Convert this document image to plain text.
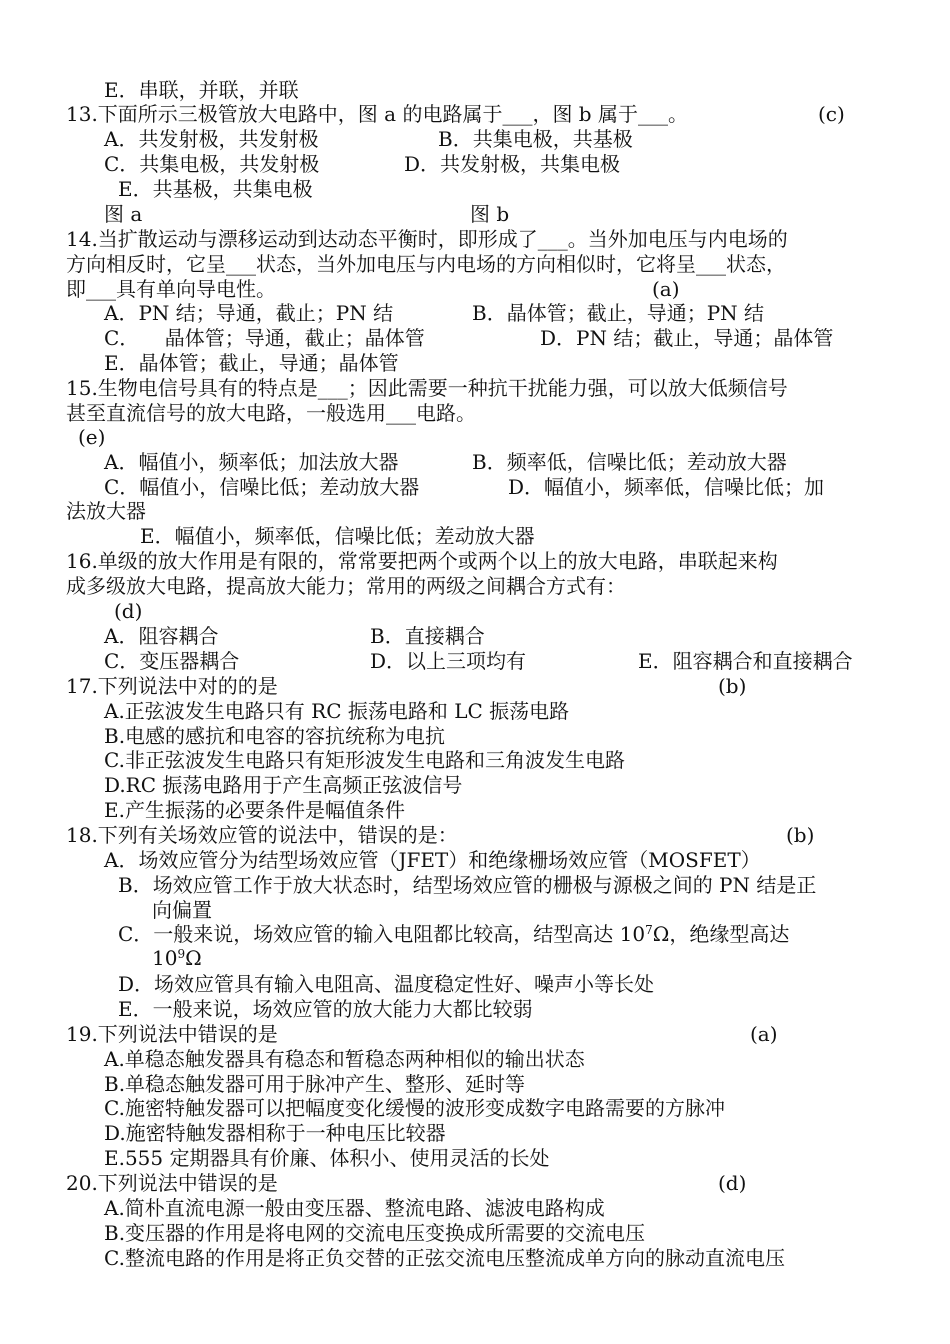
E．串联，并联，并联
13.下面所示三极管放大电路中，图 a 的电路属于___，图 b 属于___。	(c)
A．共发射极，共发射极	B．共集电极，共基极
C．共集电极，共发射极	D．共发射极，共集电极
E．共基极，共集电极
图 a	图 b
14.当扩散运动与漂移运动到达动态平衡时，即形成了___。当外加电压与内电场的
方向相反时，它呈___状态，当外加电压与内电场的方向相似时，它将呈___状态，
即___具有单向导电性。	(a)
A．PN 结；导通，截止；PN 结	B．晶体管；截止，导通；PN 结
C．    晶体管；导通，截止；晶体管	D．PN 结；截止，导通；晶体管
E．晶体管；截止，导通；晶体管
15.生物电信号具有的特点是___；因此需要一种抗干扰能力强，可以放大低频信号
甚至直流信号的放大电路，一般选用___电路。
(e)
A．幅值小，频率低；加法放大器	B．频率低，信噪比低；差动放大器
C．幅值小，信噪比低；差动放大器	D．幅值小，频率低，信噪比低；加
法放大器
E．幅值小，频率低，信噪比低；差动放大器
16.单级的放大作用是有限的，常常要把两个或两个以上的放大电路，串联起来构
成多级放大电路，提高放大能力；常用的两级之间耦合方式有：
(d)
A．阻容耦合	B．直接耦合
C．变压器耦合	D．以上三项均有	E．阻容耦合和直接耦合
17.下列说法中对的的是	(b)
A.正弦波发生电路只有 RC 振荡电路和 LC 振荡电路
B.电感的感抗和电容的容抗统称为电抗
C.非正弦波发生电路只有矩形波发生电路和三角波发生电路
D.RC 振荡电路用于产生高频正弦波信号
E.产生振荡的必要条件是幅值条件
18.下列有关场效应管的说法中，错误的是：	(b)
A．场效应管分为结型场效应管（JFET）和绝缘栅场效应管（MOSFET）
B．场效应管工作于放大状态时，结型场效应管的栅极与源极之间的 PN 结是正
向偏置
C．一般来说，场效应管的输入电阻都比较高，结型高达 $10^7\Omega$，绝缘型高达
$10^9\Omega$
D．场效应管具有输入电阻高、温度稳定性好、噪声小等长处
E．一般来说，场效应管的放大能力大都比较弱
19.下列说法中错误的是	(a)
A.单稳态触发器具有稳态和暂稳态两种相似的输出状态
B.单稳态触发器可用于脉冲产生、整形、延时等
C.施密特触发器可以把幅度变化缓慢的波形变成数字电路需要的方脉冲
D.施密特触发器相称于一种电压比较器
E.555 定期器具有价廉、体积小、使用灵活的长处
20.下列说法中错误的是	(d)
A.简朴直流电源一般由变压器、整流电路、滤波电路构成
B.变压器的作用是将电网的交流电压变换成所需要的交流电压
C.整流电路的作用是将正负交替的正弦交流电压整流成单方向的脉动直流电压
